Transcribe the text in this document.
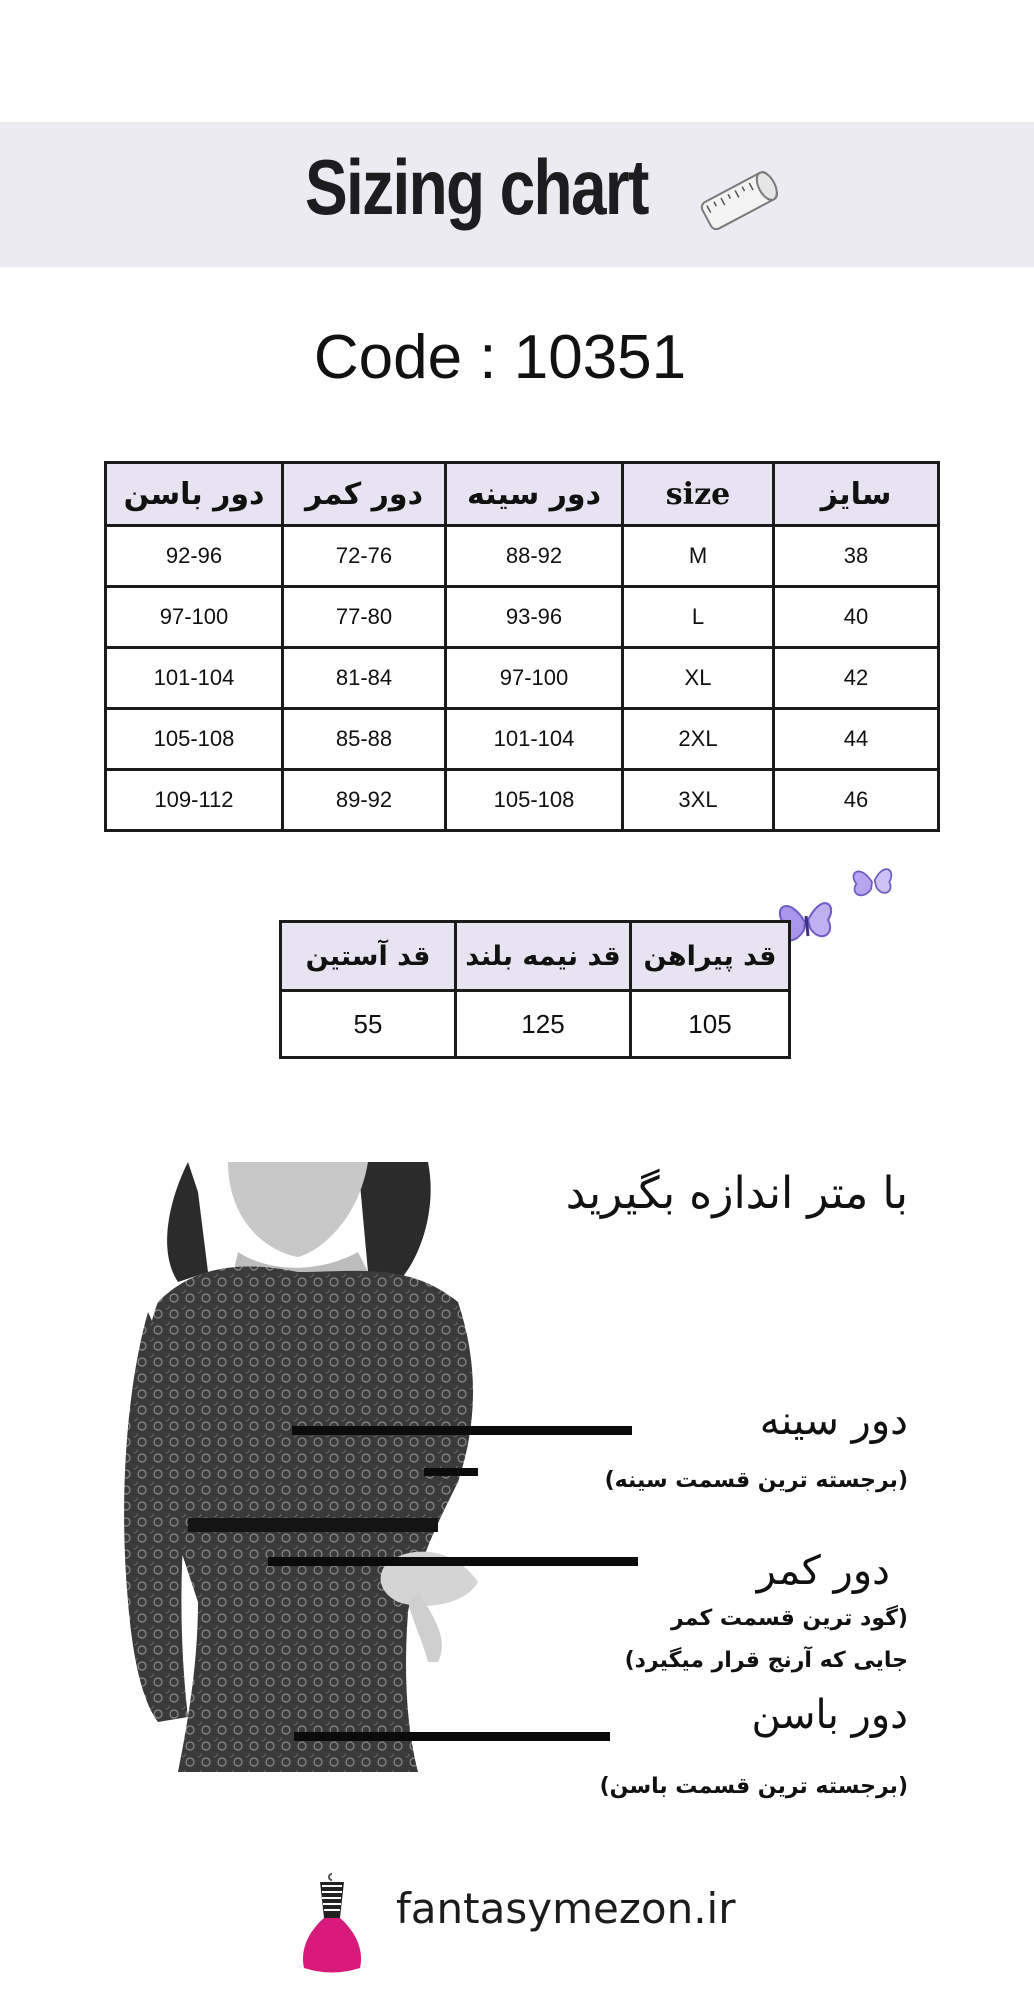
Sizing chart
Code : 10351
دور باسن	دور کمر	دور سینه	size	سایز
92-96	72-76	88-92	M	38
97-100	77-80	93-96	L	40
101-104	81-84	97-100	XL	42
105-108	85-88	101-104	2XL	44
109-112	89-92	105-108	3XL	46
قد آستین	قد نیمه بلند	قد پیراهن
55	125	105
با متر اندازه بگیرید
دور سینه
(برجسته ترین قسمت سینه)
دور کمر
(گود ترین قسمت کمر
جایی که آرنج قرار میگیرد)
دور باسن
(برجسته ترین قسمت باسن)
fantasymezon.ir
